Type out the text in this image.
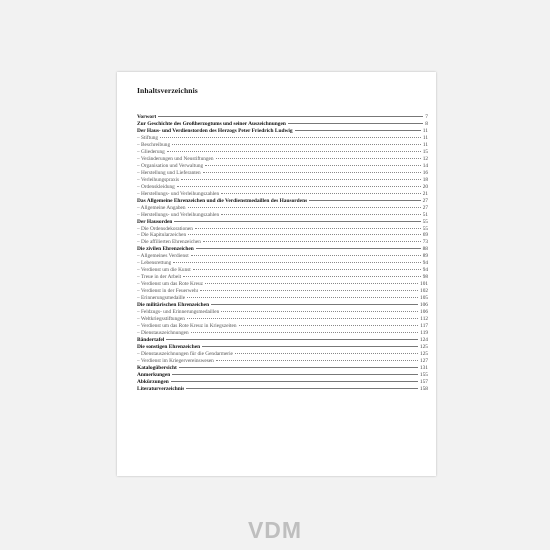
Inhaltsverzeichnis
Vorwort	7
Zur Geschichte des Großherzogtums und seiner Auszeichnungen	8
Der Haus- und Verdienstorden des Herzogs Peter Friedrich Ludwig	11
– Stiftung	11
– Beschreibung	11
– Gliederung	15
– Veränderungen und Neustiftungen	12
– Organisation und Verwaltung	14
– Herstellung und Lieferanten	16
– Verleihungspraxis	18
– Ordenskleidung	20
– Herstellungs- und Verleihungszahlen	21
Das Allgemeine Ehrenzeichen und die Verdienstmedaillen des Hausordens	27
– Allgemeine Angaben	27
– Herstellungs- und Verleihungszahlen	51
Der Hausorden	55
– Die Ordensdekorationen	55
– Die Kapitularzeichen	69
– Die affilierten Ehrenzeichen	73
Die zivilen Ehrenzeichen	88
– Allgemeines Verdienst	89
– Lebensrettung	94
– Verdienst um die Kunst	94
– Treue in der Arbeit	98
– Verdienst um das Rote Kreuz	101
– Verdienst in der Feuerwehr	102
– Erinnerungsmedaille	105
Die militärischen Ehrenzeichen	106
– Feldzugs- und Erinnerungsmedaillen	106
– Weltkriegsstiftungen	112
– Verdienst um das Rote Kreuz in Kriegszeiten	117
– Dienstauszeichnungen	119
Bändertafel	124
Die sonstigen Ehrenzeichen	125
– Dienstauszeichnungen für die Gendarmerie	125
– Verdienst im Kriegervereinswesen	127
Katalogübersicht	131
Anmerkungen	155
Abkürzungen	157
Literaturverzeichnis	158
VDM
